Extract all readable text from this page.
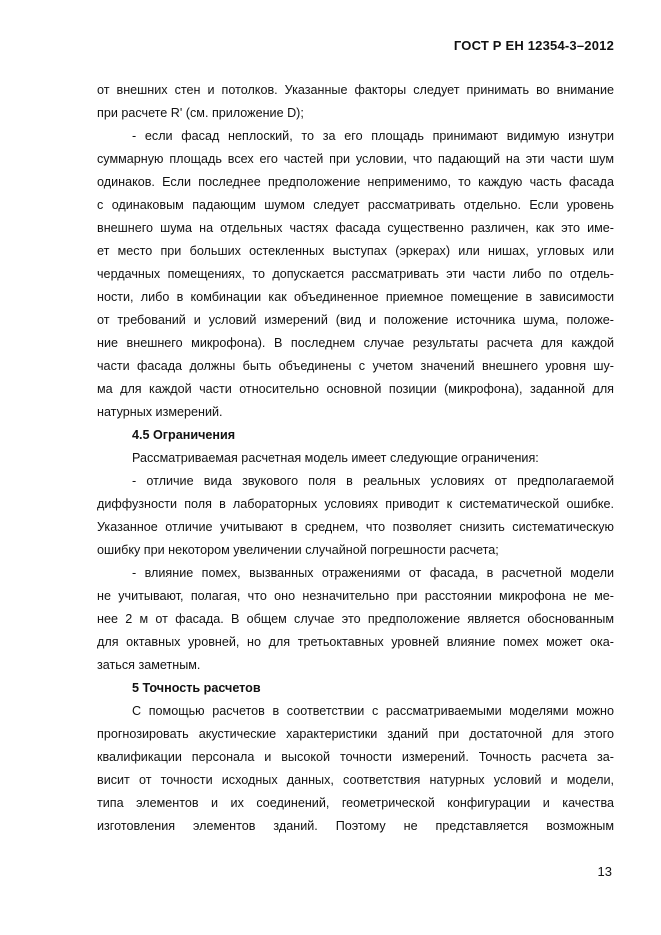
ГОСТ Р ЕН 12354-3–2012
от внешних стен и потолков. Указанные факторы следует принимать во внимание
при расчете R' (см. приложение D);
- если фасад неплоский, то за его площадь принимают видимую изнутри
суммарную площадь всех его частей при условии, что падающий на эти части шум
одинаков. Если последнее предположение неприменимо, то каждую часть фасада
с одинаковым падающим шумом следует рассматривать отдельно. Если уровень
внешнего шума на отдельных частях фасада существенно различен, как это име-
ет место при больших остекленных выступах (эркерах) или нишах, угловых или
чердачных помещениях, то допускается рассматривать эти части либо по отдель-
ности, либо в комбинации как объединенное приемное помещение в зависимости
от требований и условий измерений (вид и положение источника шума, положе-
ние внешнего микрофона). В последнем случае результаты расчета для каждой
части фасада должны быть объединены с учетом значений внешнего уровня шу-
ма для каждой части относительно основной позиции (микрофона), заданной для
натурных измерений.
4.5 Ограничения
Рассматриваемая расчетная модель имеет следующие ограничения:
- отличие вида звукового поля в реальных условиях от предполагаемой
диффузности поля в лабораторных условиях приводит к систематической ошибке.
Указанное отличие учитывают в среднем, что позволяет снизить систематическую
ошибку при некотором увеличении случайной погрешности расчета;
- влияние помех, вызванных отражениями от фасада, в расчетной модели
не учитывают, полагая, что оно незначительно при расстоянии микрофона не ме-
нее 2 м от фасада. В общем случае это предположение является обоснованным
для октавных уровней, но для третьоктавных уровней влияние помех может ока-
заться заметным.
5 Точность расчетов
С помощью расчетов в соответствии с рассматриваемыми моделями можно
прогнозировать акустические характеристики зданий при достаточной для этого
квалификации персонала и высокой точности измерений. Точность расчета за-
висит от точности исходных данных, соответствия натурных условий и модели,
типа элементов и их соединений, геометрической конфигурации и качества
изготовления элементов зданий. Поэтому не представляется возможным
13
